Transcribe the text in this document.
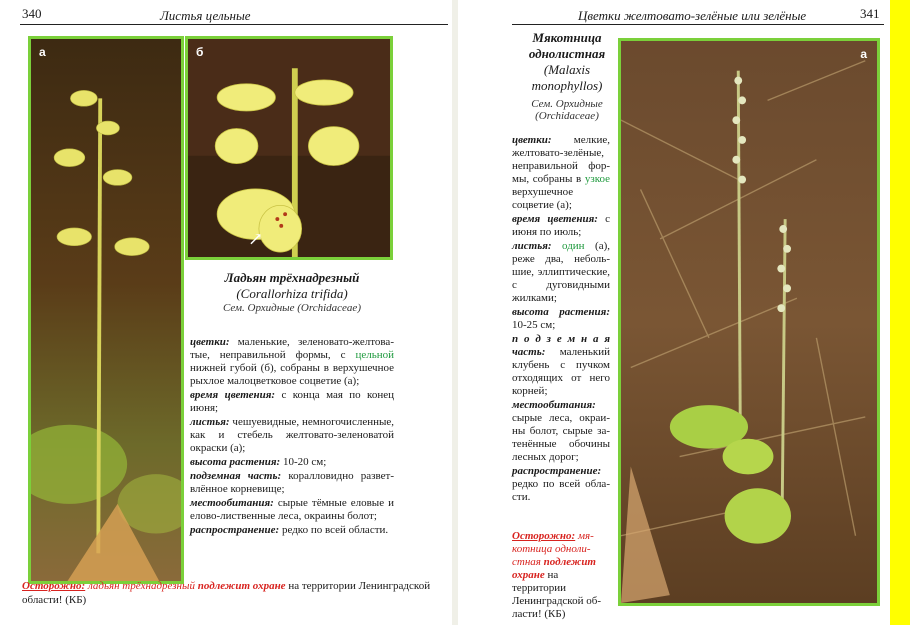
340	Листья цельные
а	б
↗
Ладьян трёхнадрезный
(Corallorhiza trifida)
Сем. Орхидные (Orchidaceae)

цветки: маленькие, зеленовато-желтоватые, неправильной формы, с цельной нижней губой (б), собраны в верхушечное рыхлое малоцветковое соцветие (а);

время цветения: с конца мая по конец июня;

листья: чешуевидные, немногочисленные, как и стебель желтовато-зеленоватой окраски (а);

высота растения: 10-20 см;

подземная часть: коралловидно разветвлённое корневище;

местообитания: сырые тёмные еловые и елово-лиственные леса, окраины болот;

распространение: редко по всей области.

Осторожно: ладьян трёхнадрезный подлежит охране на территории Ленинградской области! (КБ)
Цветки желтовато-зелёные или зелёные	341
Мякотница
однолистная
(Malaxis
monophyllos)
Сем. Орхидные
(Orchidaceae)

цветки: мелкие, желтовато-зелёные, неправильной формы, собраны в узкое верхушечное соцветие (а);

время цветения: с июня по июль;

листья: один (а), реже два, небольшие, эллиптические, с дуговидными жилками;

высота растения: 10-25 см;

п о д з е м н а я часть: маленький клубень с пучком отходящих от него корней;

местообитания: сырые леса, окраины болот, сырые затенённые обочины лесных дорог;

распространение: редко по всей области.

Осторожно: мякотница однолистная подлежит охране на территории Ленинградской области! (КБ)
а
